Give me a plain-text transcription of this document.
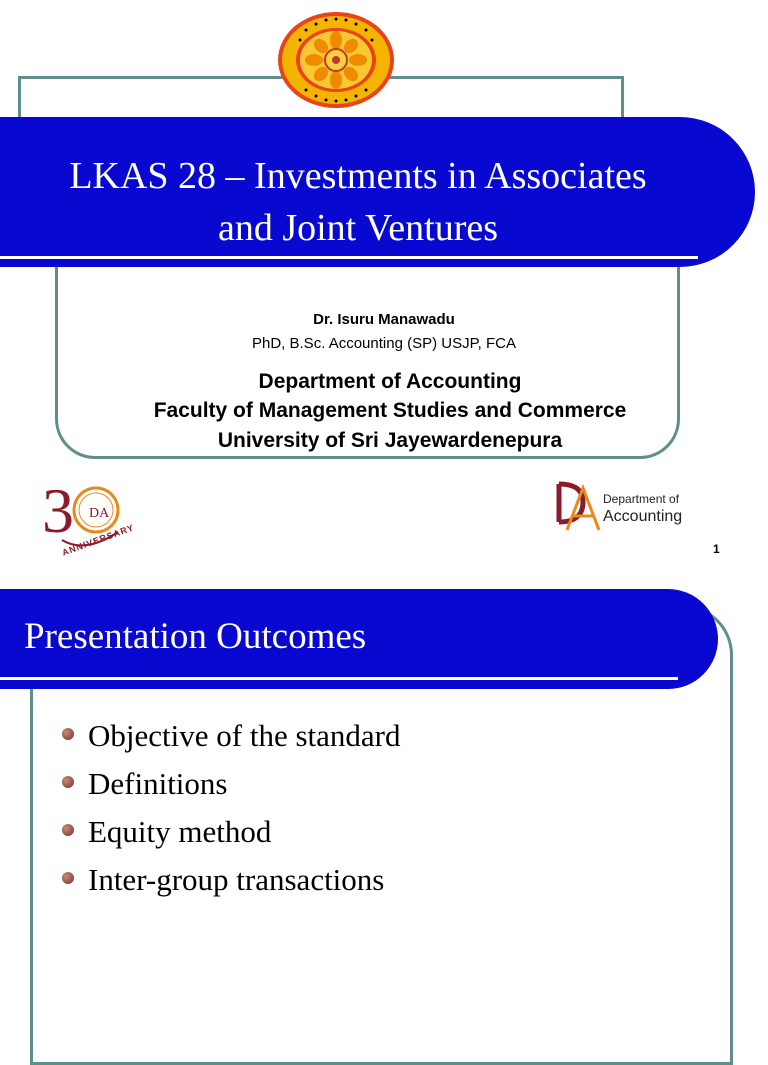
LKAS 28 – Investments in Associates
and Joint Ventures
Dr. Isuru Manawadu
PhD, B.Sc. Accounting (SP) USJP, FCA
Department of Accounting
Faculty of Management Studies and Commerce
University of Sri Jayewardenepura
3 DA
ANNIVERSARY
Department of
Accounting
1
Presentation Outcomes
Objective of the standard
Definitions
Equity method
Inter-group transactions
